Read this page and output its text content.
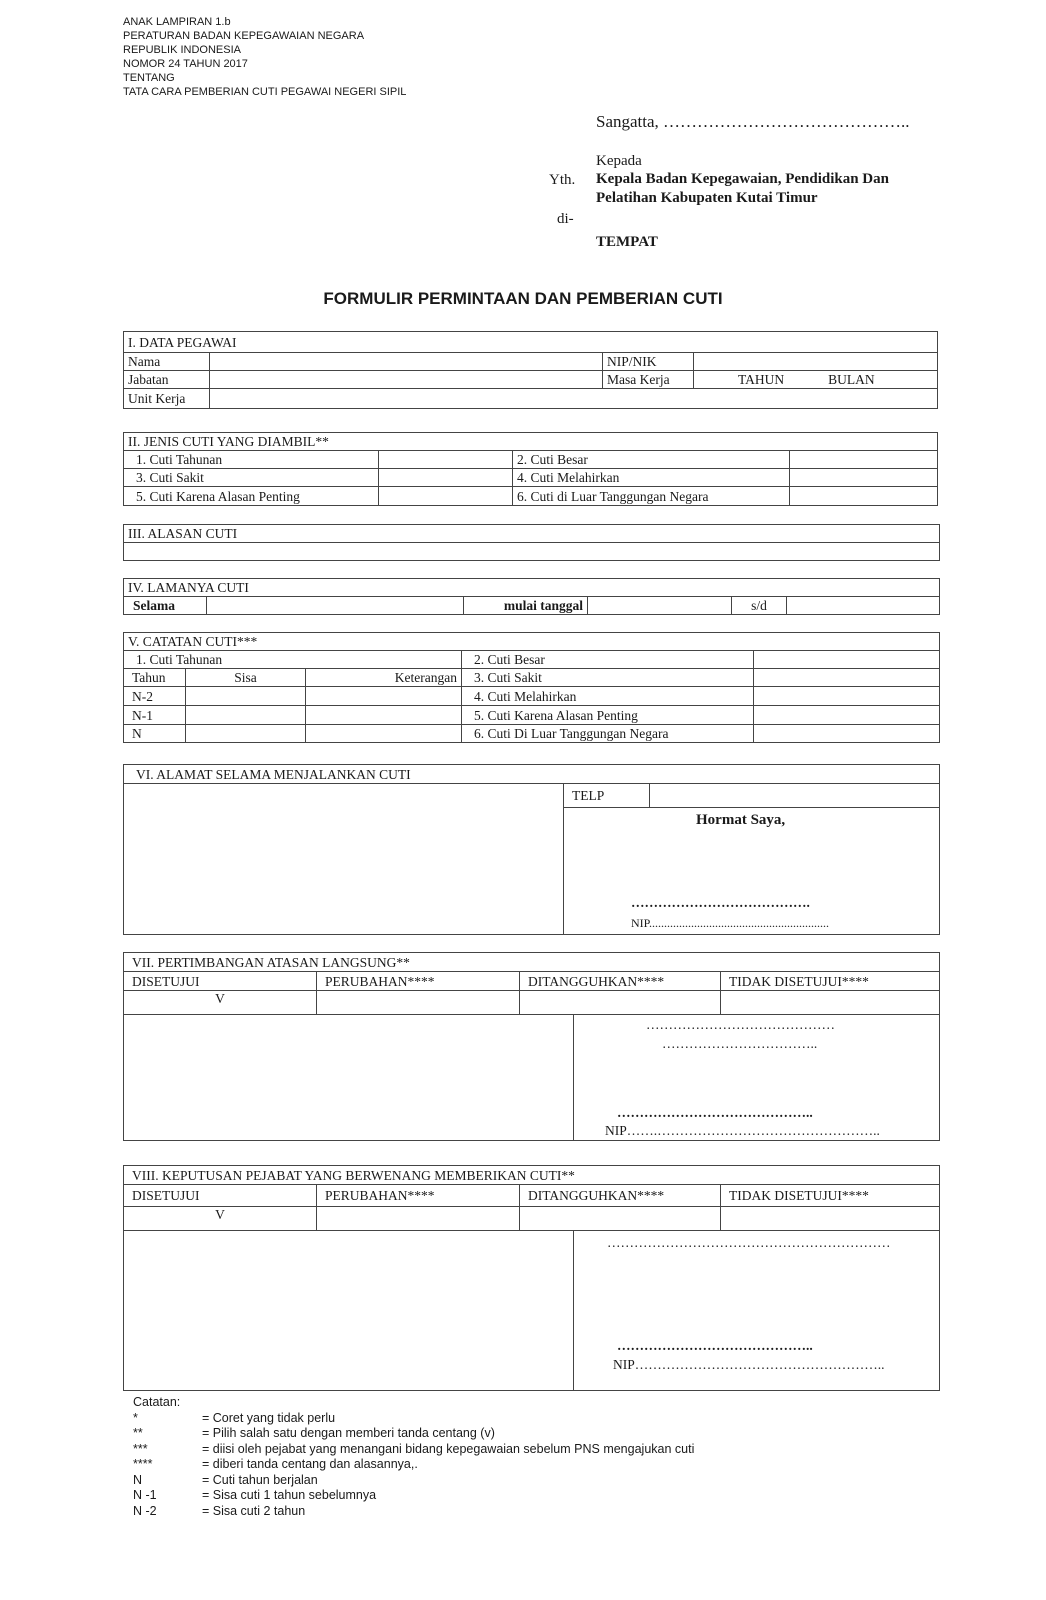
ANAK LAMPIRAN 1.b
PERATURAN BADAN KEPEGAWAIAN NEGARA
REPUBLIK INDONESIA
NOMOR 24 TAHUN 2017
TENTANG
TATA CARA PEMBERIAN CUTI PEGAWAI NEGERI SIPIL
Sangatta, ……………………………………..
Kepada
Yth. Kepala Badan Kepegawaian, Pendidikan Dan
Pelatihan Kabupaten Kutai Timur
di-
TEMPAT
FORMULIR PERMINTAAN DAN PEMBERIAN CUTI
I. DATA PEGAWAI			
Nama		NIP/NIK	
Jabatan		Masa Kerja	TAHUN BULAN
Unit Kerja			
II. JENIS CUTI YANG DIAMBIL**			
1. Cuti Tahunan		2. Cuti Besar	
3. Cuti Sakit		4. Cuti Melahirkan	
5. Cuti Karena Alasan Penting		6. Cuti di Luar Tanggungan Negara	
III. ALASAN CUTI

IV. LAMANYA CUTI
Selama		mulai tanggal		s/d	
V. CATATAN CUTI***				
1. Cuti Tahunan			2. Cuti Besar	
Tahun	Sisa	Keterangan	3. Cuti Sakit	
N-2			4. Cuti Melahirkan	
N-1			5. Cuti Karena Alasan Penting	
N			6. Cuti Di Luar Tanggungan Negara	
VI. ALAMAT SELAMA MENJALANKAN CUTI
	TELP	

Hormat Saya,
………………………………….
NIP............................................................
VII. PERTIMBANGAN ATASAN LANGSUNG**				
DISETUJUI	PERUBAHAN****	DITANGGUHKAN****		TIDAK DISETUJUI****
V				

			……………………………………
……………………………..
……………………………………..
NIP…….…………………………………………..	
VIII. KEPUTUSAN PEJABAT YANG BERWENANG MEMBERIKAN CUTI**				
DISETUJUI	PERUBAHAN****	DITANGGUHKAN****		TIDAK DISETUJUI****
V				

			………………………………………………………
……………………………………..
NIP………………………………………………..	
Catatan:
*	= Coret yang tidak perlu
**	= Pilih salah satu dengan memberi tanda centang (v)
***	= diisi oleh pejabat yang menangani bidang kepegawaian sebelum PNS mengajukan cuti
****	= diberi tanda centang dan alasannya,.
N	= Cuti tahun berjalan
N -1	= Sisa cuti 1 tahun sebelumnya
N -2	= Sisa cuti 2 tahun
